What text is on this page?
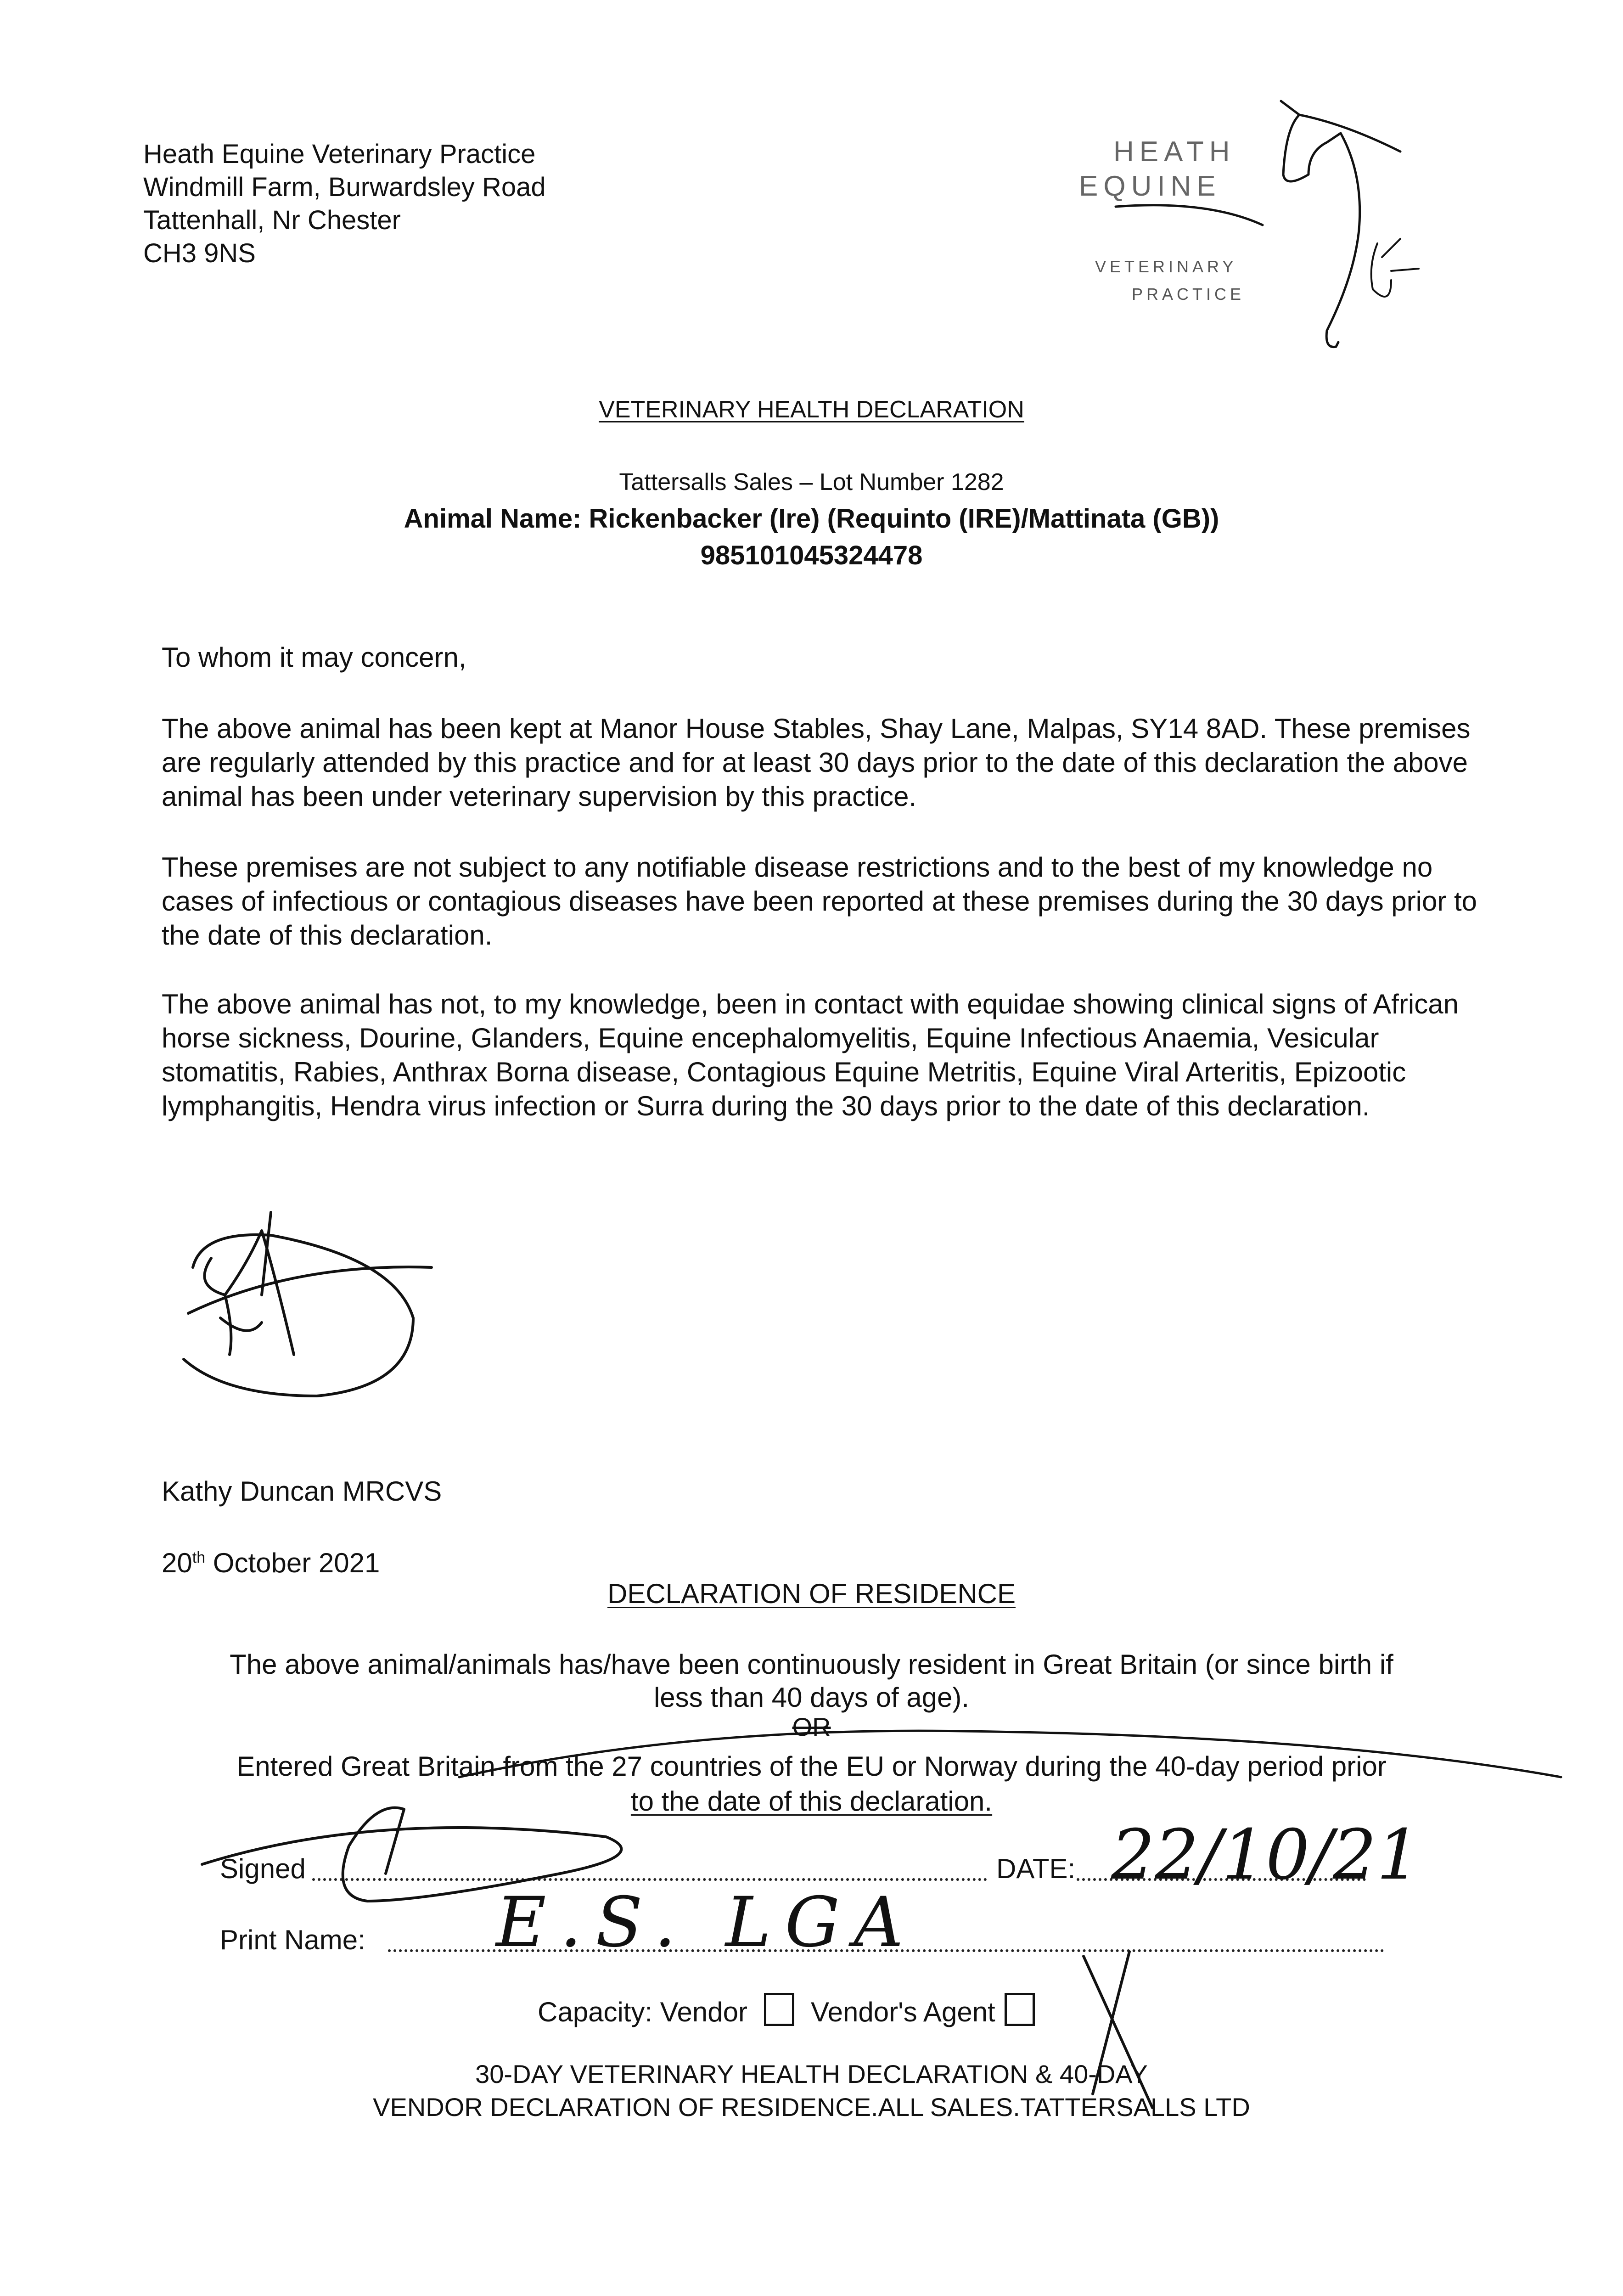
Heath Equine Veterinary Practice
Windmill Farm, Burwardsley Road
Tattenhall, Nr Chester
CH3 9NS
HEATH
EQUINE
VETERINARY
PRACTICE
VETERINARY HEALTH DECLARATION
Tattersalls Sales – Lot Number 1282
Animal Name: Rickenbacker (Ire) (Requinto (IRE)/Mattinata (GB))
985101045324478
To whom it may concern,
The above animal has been kept at Manor House Stables, Shay Lane, Malpas, SY14 8AD. These premises are regularly attended by this practice and for at least 30 days prior to the date of this declaration the above animal has been under veterinary supervision by this practice.
These premises are not subject to any notifiable disease restrictions and to the best of my knowledge no cases of infectious or contagious diseases have been reported at these premises during the 30 days prior to the date of this declaration.
The above animal has not, to my knowledge, been in contact with equidae showing clinical signs of African horse sickness, Dourine, Glanders, Equine encephalomyelitis, Equine Infectious Anaemia, Vesicular stomatitis, Rabies, Anthrax Borna disease, Contagious Equine Metritis, Equine Viral Arteritis, Epizootic lymphangitis, Hendra virus infection or Surra during the 30 days prior to the date of this declaration.
Kathy Duncan MRCVS
20th October 2021
DECLARATION OF RESIDENCE
The above animal/animals has/have been continuously resident in Great Britain (or since birth if
less than 40 days of age).
OR
Entered Great Britain from the 27 countries of the EU or Norway during the 40-day period prior
to the date of this declaration.
Signed	DATE: 22/10/21
Print Name: E.S. LGA
Capacity: Vendor Vendor's Agent
30-DAY VETERINARY HEALTH DECLARATION & 40-DAY
VENDOR DECLARATION OF RESIDENCE.ALL SALES.TATTERSALLS LTD
